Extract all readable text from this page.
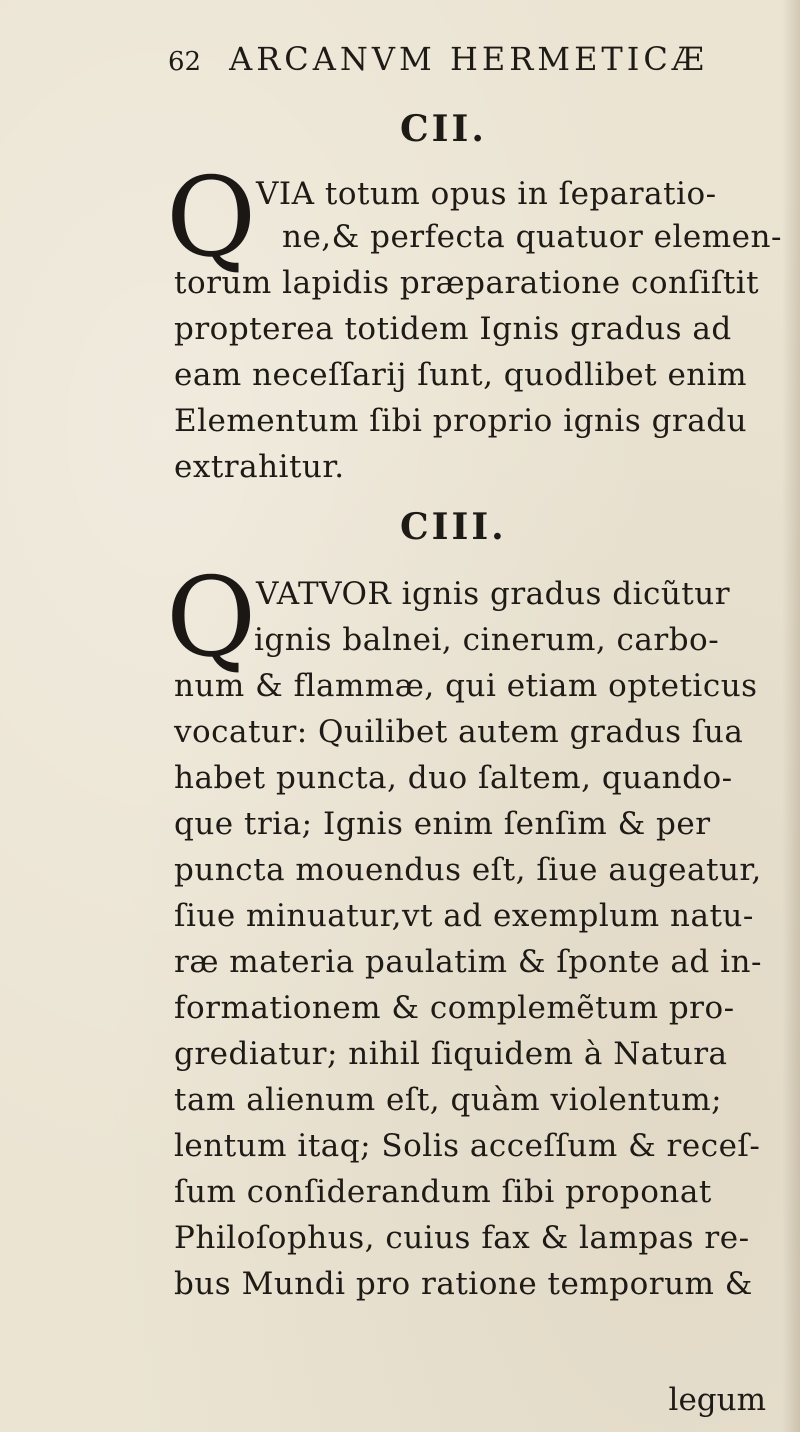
62 ARCANVM HERMETICÆ
CII.
Q VIA totum opus in ſeparatio-
ne,& perfecta quatuor elemen-
torum lapidis præparatione conſiſtit
propterea totidem Ignis gradus ad
eam neceſſarij ſunt, quodlibet enim
Elementum ſibi proprio ignis gradu
extrahitur.
CIII.
Q VATVOR ignis gradus dicũtur
ignis balnei, cinerum, carbo-
num & flammæ, qui etiam opteticus
vocatur: Quilibet autem gradus ſua
habet puncta, duo ſaltem, quando-
que tria; Ignis enim ſenſim & per
puncta mouendus eſt, ſiue augeatur,
ſiue minuatur,vt ad exemplum natu-
ræ materia paulatim & ſponte ad in-
formationem & complemẽtum pro-
grediatur; nihil ſiquidem à Natura
tam alienum eſt, quàm violentum;
lentum itaq; Solis acceſſum & receſ-
ſum conſiderandum ſibi proponat
Philoſophus, cuius fax & lampas re-
bus Mundi pro ratione temporum &
legum
